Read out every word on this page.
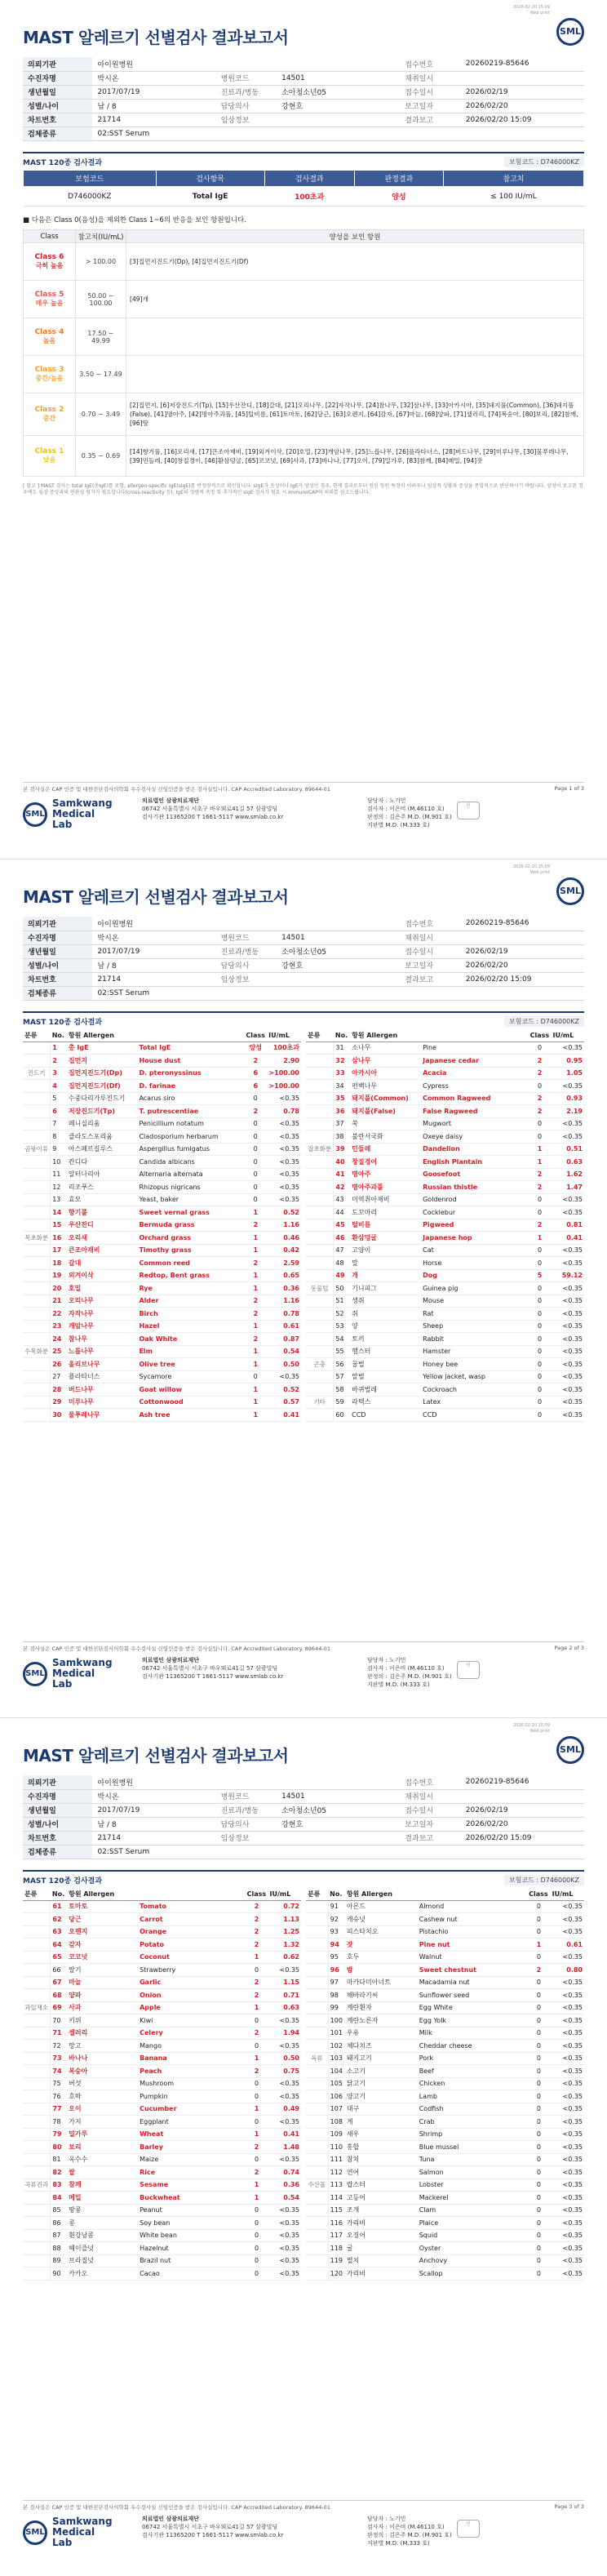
2026-02-20 15:09
Web print
MAST 알레르기 선별검사 결과보고서	SML
의뢰기관	아이원병원			접수번호	20260219-85646
수진자명	박시온	병원코드	14501	채취일시	
생년월일	2017/07/19	진료과/병동	소아청소년05	접수일시	2026/02/19
성별/나이	남 / 8	담당의사	강현호	보고일자	2026/02/20
차트번호	21714	임상정보		결과보고	2026/02/20 15:09
검체종류	02:SST Serum				
MAST 120종 검사결과	보험코드 : D746000KZ
보험코드	검사항목	검사결과	판정결과	참고치
D746000KZ	Total IgE	100초과	양성	≤ 100 IU/mL
■ 다음은 Class 0(음성)을 제외한 Class 1~6의 반응을 보인 항원입니다.
Class	참고치(IU/mL)	양성을 보인 항원

Class 6
극히 높음	> 100.00	[3]집먼지진드기(Dp), [4]집먼지진드기(Df)

Class 5
매우 높음	50.00 ~ 100.00	[49]개

Class 4
높음	17.50 ~ 49.99	

Class 3
중간/높음	3.50 ~ 17.49	

Class 2
중간	0.70 ~ 3.49	[2]집먼지, [6]저장진드기(Tp), [15]우산잔디, [18]갈대, [21]오리나무, [22]자작나무, [24]참나무, [32]삼나무, [33]아카시아, [35]돼지풀(Common), [36]돼지풀(False), [41]명아주, [42]명아주과풀, [45]털비름, [61]토마토, [62]당근, [63]오렌지, [64]감자, [67]마늘, [68]양파, [71]셀러리, [74]복숭아, [80]보리, [82]참깨, [96]땅

Class 1
낮음	0.35 ~ 0.69	[14]향기풀, [16]오리새, [17]큰조아재비, [19]외겨이삭, [20]호밀, [23]개암나무, [25]느릅나무, [26]플라타너스, [28]버드나무, [29]미루나무, [30]물푸레나무, [39]민들레, [40]창질경이, [46]환삼덩굴, [65]코코넛, [69]사과, [73]바나나, [77]오이, [79]밀가루, [83]참깨, [84]메밀, [94]잣
[ 참고 ] MAST 검사는 total IgE(총IgE)를 포함, allergen-specific IgE(sIgE)를 반정량적으로 확인합니다. sIgE가 음성이나 IgE가 양성인 경우, 현재 결과로부터 원인 항원 특정이 어려우나 임상적 상황과 증상을 종합적으로 판단하시기 바랍니다. 양성이 보고된 경우에도 임상 증상과의 연관성 평가가 필요합니다(cross-reactivity 등). IgE의 정량적 측정 및 추가적인 sIgE 검사가 필요 시 ImmunoCAP의 의뢰를 권고드립니다.
본 검사실은 CAP 인증 및 대한진단검사의학회 우수검사실 신임인증을 받은 검사실입니다. CAP Accredited Laboratory. 89644-01	Page 1 of 3
SML
Samkwang Medical Lab
의료법인 삼광의료재단
06742 서울특별시 서초구 바우뫼로41길 57 삼광빌딩
검사기관 11365200 T 1661-5117 www.smlab.co.kr
담당자 : 노기민
검사자 : 이은비 (M.46110 호)
판정의 : 김은주 M.D. (M.901 호)
지판별 M.D. (M.333 호)
인
2026-02-20 15:09
Web print
MAST 알레르기 선별검사 결과보고서	SML
의뢰기관	아이원병원			접수번호	20260219-85646
수진자명	박시온	병원코드	14501	채취일시	
생년월일	2017/07/19	진료과/병동	소아청소년05	접수일시	2026/02/19
성별/나이	남 / 8	담당의사	강현호	보고일자	2026/02/20
차트번호	21714	임상정보		결과보고	2026/02/20 15:09
검체종류	02:SST Serum				
MAST 120종 검사결과	보험코드 : D746000KZ
분류	No.	항원 Allergen		Class	IU/mL
	1	총 IgE	Total IgE	양성	100초과
	2	집먼지	House dust	2	2.90
진드기	3	집먼지진드기(Dp)	D. pteronyssinus	6	>100.00
	4	집먼지진드기(Df)	D. farinae	6	>100.00
	5	수중다리가루진드기	Acarus siro	0	<0.35
	6	저장진드기(Tp)	T. putrescentiae	2	0.78
	7	페니실리움	Penicillium notatum	0	<0.35
	8	클라도스포리움	Cladosporium herbarum	0	<0.35
곰팡이류	9	아스페르길루스	Aspergillus fumigatus	0	<0.35
	10	칸디다	Candida albicans	0	<0.35
	11	알터나리아	Alternaria alternata	0	<0.35
	12	리조푸스	Rhizopus nigricans	0	<0.35
	13	효모	Yeast, baker	0	<0.35
	14	향기풀	Sweet vernal grass	1	0.52
	15	우산잔디	Bermuda grass	2	1.16
목초화분	16	오리새	Orchard grass	1	0.46
	17	큰조아재비	Timothy grass	1	0.42
	18	갈대	Common reed	2	2.59
	19	외겨이삭	Redtop, Bent grass	1	0.65
	20	호밀	Rye	1	0.36
	21	오리나무	Alder	2	1.16
	22	자작나무	Birch	2	0.78
	23	개암나무	Hazel	1	0.61
	24	참나무	Oak White	2	0.87
수목화분	25	느릅나무	Elm	1	0.54
	26	올리브나무	Olive tree	1	0.50
	27	플라타너스	Sycamore	0	<0.35
	28	버드나무	Goat willow	1	0.52
	29	미루나무	Cottonwood	1	0.57
	30	물푸레나무	Ash tree	1	0.41
분류	No.	항원 Allergen		Class	IU/mL
	31	소나무	Pine	0	<0.35
	32	삼나무	Japanese cedar	2	0.95
	33	아카시아	Acacia	2	1.05
	34	편백나무	Cypress	0	<0.35
	35	돼지풀(Common)	Common Ragweed	2	0.93
	36	돼지풀(False)	False Ragweed	2	2.19
	37	쑥	Mugwort	0	<0.35
	38	불란서국화	Oxeye daisy	0	<0.35
잡초화분	39	민들레	Dandelion	1	0.51
	40	창질경이	English Plantain	1	0.63
	41	명아주	Goosefoot	2	1.62
	42	명아주과풀	Russian thistle	2	1.47
	43	미역취아재비	Goldenrod	0	<0.35
	44	도꼬마리	Cocklebur	0	<0.35
	45	털비름	Pigweed	2	0.81
	46	환삼덩굴	Japanese hop	1	0.41
	47	고양이	Cat	0	<0.35
	48	말	Horse	0	<0.35
	49	개	Dog	5	59.12
동물털	50	기니피그	Guinea pig	0	<0.35
	51	생쥐	Mouse	0	<0.35
	52	쥐	Rat	0	<0.35
	53	양	Sheep	0	<0.35
	54	토끼	Rabbit	0	<0.35
	55	햄스터	Hamster	0	<0.35
곤충	56	꿀벌	Honey bee	0	<0.35
	57	말벌	Yellow jacket, wasp	0	<0.35
	58	바퀴벌레	Cockroach	0	<0.35
기타	59	라텍스	Latex	0	<0.35
	60	CCD	CCD	0	<0.35
본 검사실은 CAP 인증 및 대한진단검사의학회 우수검사실 신임인증을 받은 검사실입니다. CAP Accredited Laboratory. 89644-01	Page 2 of 3
SML
Samkwang Medical Lab
의료법인 삼광의료재단
06742 서울특별시 서초구 바우뫼로41길 57 삼광빌딩
검사기관 11365200 T 1661-5117 www.smlab.co.kr
담당자 : 노기민
검사자 : 이은비 (M.46110 호)
판정의 : 김은주 M.D. (M.901 호)
지판별 M.D. (M.333 호)
인
2026-02-20 15:09
Web print
MAST 알레르기 선별검사 결과보고서	SML
의뢰기관	아이원병원			접수번호	20260219-85646
수진자명	박시온	병원코드	14501	채취일시	
생년월일	2017/07/19	진료과/병동	소아청소년05	접수일시	2026/02/19
성별/나이	남 / 8	담당의사	강현호	보고일자	2026/02/20
차트번호	21714	임상정보		결과보고	2026/02/20 15:09
검체종류	02:SST Serum				
MAST 120종 검사결과	보험코드 : D746000KZ
분류	No.	항원 Allergen		Class	IU/mL
	61	토마토	Tomato	2	0.72
	62	당근	Carrot	2	1.13
	63	오렌지	Orange	2	1.25
	64	감자	Potato	2	1.32
	65	코코넛	Coconut	1	0.62
	66	딸기	Strawberry	0	<0.35
	67	마늘	Garlic	2	1.15
	68	양파	Onion	2	0.71
과일채소	69	사과	Apple	1	0.63
	70	키위	Kiwi	0	<0.35
	71	셀러리	Celery	2	1.94
	72	망고	Mango	0	<0.35
	73	바나나	Banana	1	0.50
	74	복숭아	Peach	2	0.75
	75	버섯	Mushroom	0	<0.35
	76	호박	Pumpkin	0	<0.35
	77	오이	Cucumber	1	0.49
	78	가지	Eggplant	0	<0.35
	79	밀가루	Wheat	1	0.41
	80	보리	Barley	2	1.48
	81	옥수수	Maize	0	<0.35
	82	쌀	Rice	2	0.74
곡류견과	83	참깨	Sesame	1	0.36
	84	메밀	Buckwheat	1	0.54
	85	땅콩	Peanut	0	<0.35
	86	콩	Soy bean	0	<0.35
	87	흰강낭콩	White bean	0	<0.35
	88	헤이즐넛	Hazelnut	0	<0.35
	89	브라질넛	Brazil nut	0	<0.35
	90	카카오	Cacao	0	<0.35
분류	No.	항원 Allergen		Class	IU/mL
	91	아몬드	Almond	0	<0.35
	92	캐슈넛	Cashew nut	0	<0.35
	93	피스타치오	Pistachio	0	<0.35
	94	잣	Pine nut	1	0.61
	95	호두	Walnut	0	<0.35
	96	밤	Sweet chestnut	2	0.80
	97	마카다미아너트	Macadamia nut	0	<0.35
	98	해바라기씨	Sunflower seed	0	<0.35
	99	계란흰자	Egg White	0	<0.35
	100	계란노른자	Egg Yolk	0	<0.35
	101	우유	Milk	0	<0.35
	102	체다치즈	Cheddar cheese	0	<0.35
육류	103	돼지고기	Pork	0	<0.35
	104	소고기	Beef	0	<0.35
	105	닭고기	Chicken	0	<0.35
	106	양고기	Lamb	0	<0.35
	107	대구	Codfish	0	<0.35
	108	게	Crab	0	<0.35
	109	새우	Shrimp	0	<0.35
	110	홍합	Blue mussel	0	<0.35
	111	참치	Tuna	0	<0.35
	112	연어	Salmon	0	<0.35
수산물	113	랍스터	Lobster	0	<0.35
	114	고등어	Mackerel	0	<0.35
	115	조개	Clam	0	<0.35
	116	가리비	Plaice	0	<0.35
	117	오징어	Squid	0	<0.35
	118	굴	Oyster	0	<0.35
	119	멸치	Anchovy	0	<0.35
	120	가리비	Scallop	0	<0.35
본 검사실은 CAP 인증 및 대한진단검사의학회 우수검사실 신임인증을 받은 검사실입니다. CAP Accredited Laboratory. 89644-01	Page 3 of 3
SML
Samkwang Medical Lab
의료법인 삼광의료재단
06742 서울특별시 서초구 바우뫼로41길 57 삼광빌딩
검사기관 11365200 T 1661-5117 www.smlab.co.kr
담당자 : 노기민
검사자 : 이은비 (M.46110 호)
판정의 : 김은주 M.D. (M.901 호)
지판별 M.D. (M.333 호)
인
